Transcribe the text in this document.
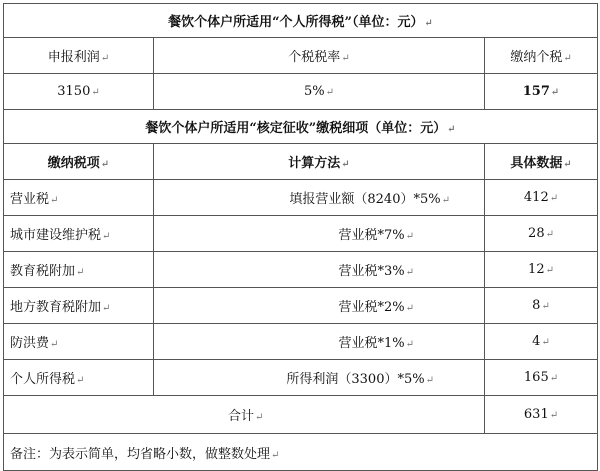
餐饮个体户所适用“个人所得税”（单位：元） ↵
申报利润 ↵	个税税率 ↵	缴纳个税 ↵
3150 ↵	5% ↵	157 ↵
餐饮个体户所适用“核定征收”缴税细项（单位：元） ↵
缴纳税项 ↵	计算方法 ↵	具体数据 ↵
营业税 ↵	填报营业额（8240）*5% ↵	412 ↵
城市建设维护税 ↵	营业税*7% ↵	28 ↵
教育税附加 ↵	营业税*3% ↵	12 ↵
地方教育税附加 ↵	营业税*2% ↵	8 ↵
防洪费 ↵	营业税*1% ↵	4 ↵
个人所得税 ↵	所得利润（3300）*5% ↵	165 ↵
合计 ↵		631 ↵
备注：为表示简单，均省略小数，做整数处理 ↵
